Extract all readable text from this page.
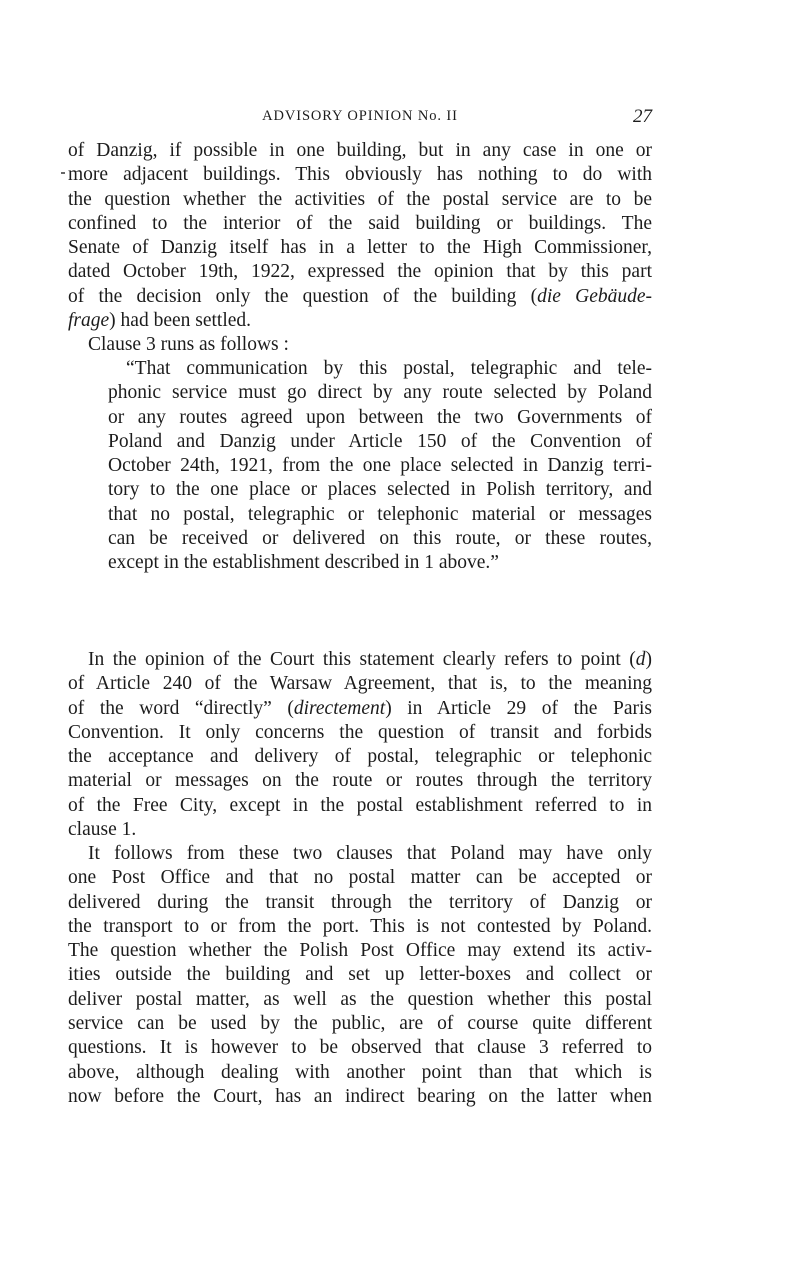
ADVISORY OPINION No. II	27
of Danzig, if possible in one building, but in any case in one or
more adjacent buildings. This obviously has nothing to do with
the question whether the activities of the postal service are to be
confined to the interior of the said building or buildings. The
Senate of Danzig itself has in a letter to the High Commissioner,
dated October 19th, 1922, expressed the opinion that by this part
of the decision only the question of the building (die Gebäude-
frage) had been settled.
Clause 3 runs as follows :
“That communication by this postal, telegraphic and tele-
phonic service must go direct by any route selected by Poland
or any routes agreed upon between the two Governments of
Poland and Danzig under Article 150 of the Convention of
October 24th, 1921, from the one place selected in Danzig terri-
tory to the one place or places selected in Polish territory, and
that no postal, telegraphic or telephonic material or messages
can be received or delivered on this route, or these routes,
except in the establishment described in 1 above.”
In the opinion of the Court this statement clearly refers to point (d)
of Article 240 of the Warsaw Agreement, that is, to the meaning
of the word “directly” (directement) in Article 29 of the Paris
Convention. It only concerns the question of transit and forbids
the acceptance and delivery of postal, telegraphic or telephonic
material or messages on the route or routes through the territory
of the Free City, except in the postal establishment referred to in
clause 1.
It follows from these two clauses that Poland may have only
one Post Office and that no postal matter can be accepted or
delivered during the transit through the territory of Danzig or
the transport to or from the port. This is not contested by Poland.
The question whether the Polish Post Office may extend its activ-
ities outside the building and set up letter-boxes and collect or
deliver postal matter, as well as the question whether this postal
service can be used by the public, are of course quite different
questions. It is however to be observed that clause 3 referred to
above, although dealing with another point than that which is
now before the Court, has an indirect bearing on the latter when
